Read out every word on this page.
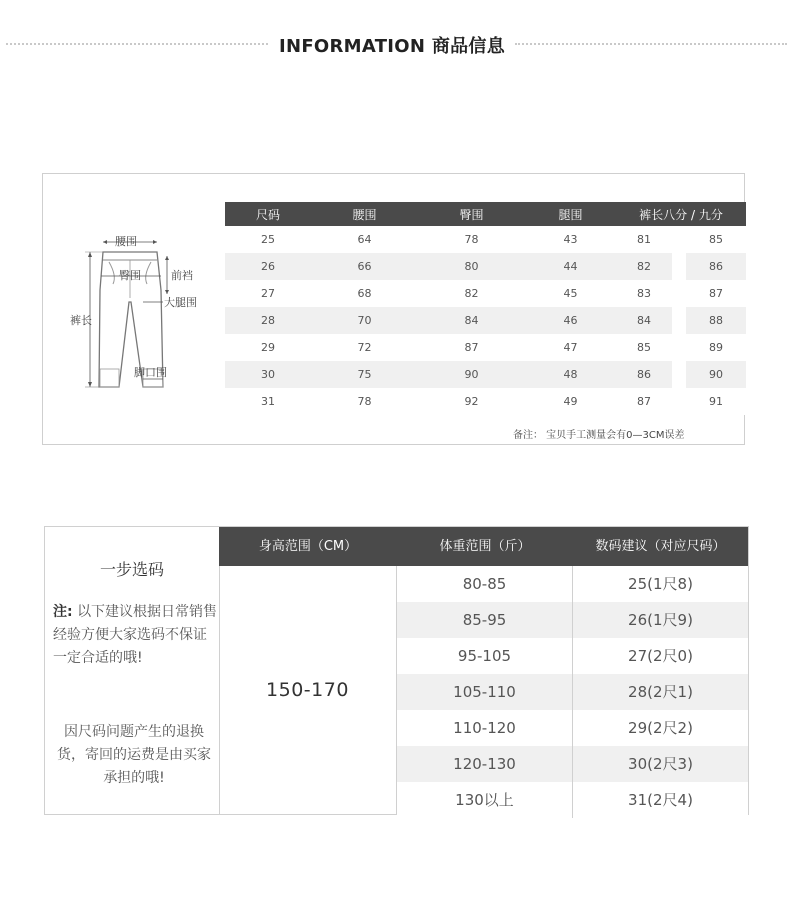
INFORMATION 商品信息
腰围
臀围	前裆
大腿围
裤长
脚口围
尺码	腰围	臀围	腿围	裤长八分 / 九分		
25	64	78	43	81		85
26	66	80	44	82		86
27	68	82	45	83		87
28	70	84	46	84		88
29	72	87	47	85		89
30	75	90	48	86		90
31	78	92	49	87		91
备注： 宝贝手工测量会有0—3CM误差
一步选码
注: 以下建议根据日常销售经验方便大家选码不保证一定合适的哦!
因尺码问题产生的退换货，寄回的运费是由买家承担的哦!
身高范围（CM）	体重范围（斤）	数码建议（对应尺码）
150-170
80-85	25(1尺8)
85-95	26(1尺9)
95-105	27(2尺0)
105-110	28(2尺1)
110-120	29(2尺2)
120-130	30(2尺3)
130以上	31(2尺4)
